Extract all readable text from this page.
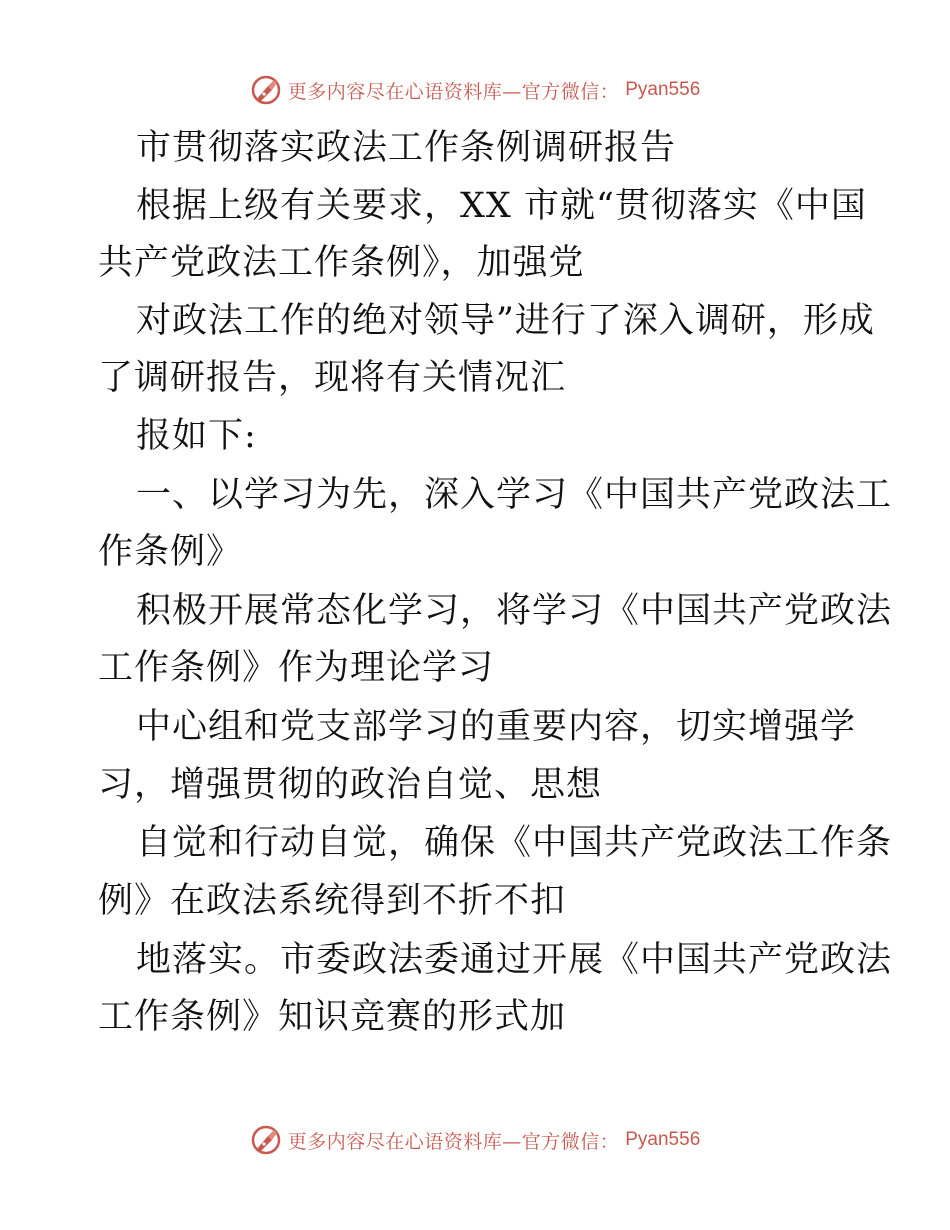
更多内容尽在心语资料库—官方微信： Pyan556
市贯彻落实政法工作条例调研报告
根据上级有关要求，XX 市就“贯彻落实《中国
共产党政法工作条例》，加强党
对政法工作的绝对领导”进行了深入调研，形成
了调研报告，现将有关情况汇
报如下:
一、以学习为先，深入学习《中国共产党政法工
作条例》
积极开展常态化学习，将学习《中国共产党政法
工作条例》作为理论学习
中心组和党支部学习的重要内容，切实增强学
习，增强贯彻的政治自觉、思想
自觉和行动自觉，确保《中国共产党政法工作条
例》在政法系统得到不折不扣
地落实。市委政法委通过开展《中国共产党政法
工作条例》知识竞赛的形式加
更多内容尽在心语资料库—官方微信： Pyan556
